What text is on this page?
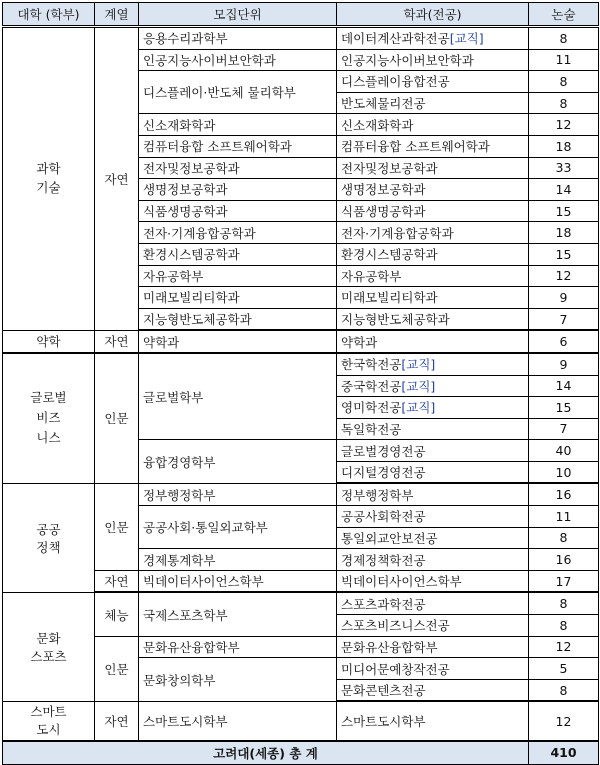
대학 (학부)	계열	모집단위	학과(전공)	논술
과학
기술	자연	응용수리과학부	데이터계산과학전공[교직]	8
		인공지능사이버보안학과	인공지능사이버보안학과	11
		디스플레이·반도체 물리학부	디스플레이융합전공	8
			반도체물리전공	8
		신소재화학과	신소재화학과	12
		컴퓨터융합 소프트웨어학과	컴퓨터융합 소프트웨어학과	18
		전자및정보공학과	전자및정보공학과	33
		생명정보공학과	생명정보공학과	14
		식품생명공학과	식품생명공학과	15
		전자·기계융합공학과	전자·기계융합공학과	18
		환경시스템공학과	환경시스템공학과	15
		자유공학부	자유공학부	12
		미래모빌리티학과	미래모빌리티학과	9
		지능형반도체공학과	지능형반도체공학과	7
약학	자연	약학과	약학과	6
글로벌
비즈
니스	인문	글로벌학부	한국학전공[교직]	9
			중국학전공[교직]	14
			영미학전공[교직]	15
			독일학전공	7
		융합경영학부	글로벌경영전공	40
			디지털경영전공	10
공공
정책	인문	정부행정학부	정부행정학부	16
		공공사회·통일외교학부	공공사회학전공	11
			통일외교안보전공	8
		경제통계학부	경제정책학전공	16
	자연	빅데이터사이언스학부	빅데이터사이언스학부	17
문화
스포츠	체능	국제스포츠학부	스포츠과학전공	8
			스포츠비즈니스전공	8
	인문	문화유산융합학부	문화유산융합학부	12
		문화창의학부	미디어문예창작전공	5
			문화콘텐츠전공	8
스마트
도시	자연	스마트도시학부	스마트도시학부	12
고려대(세종) 총 계				410
